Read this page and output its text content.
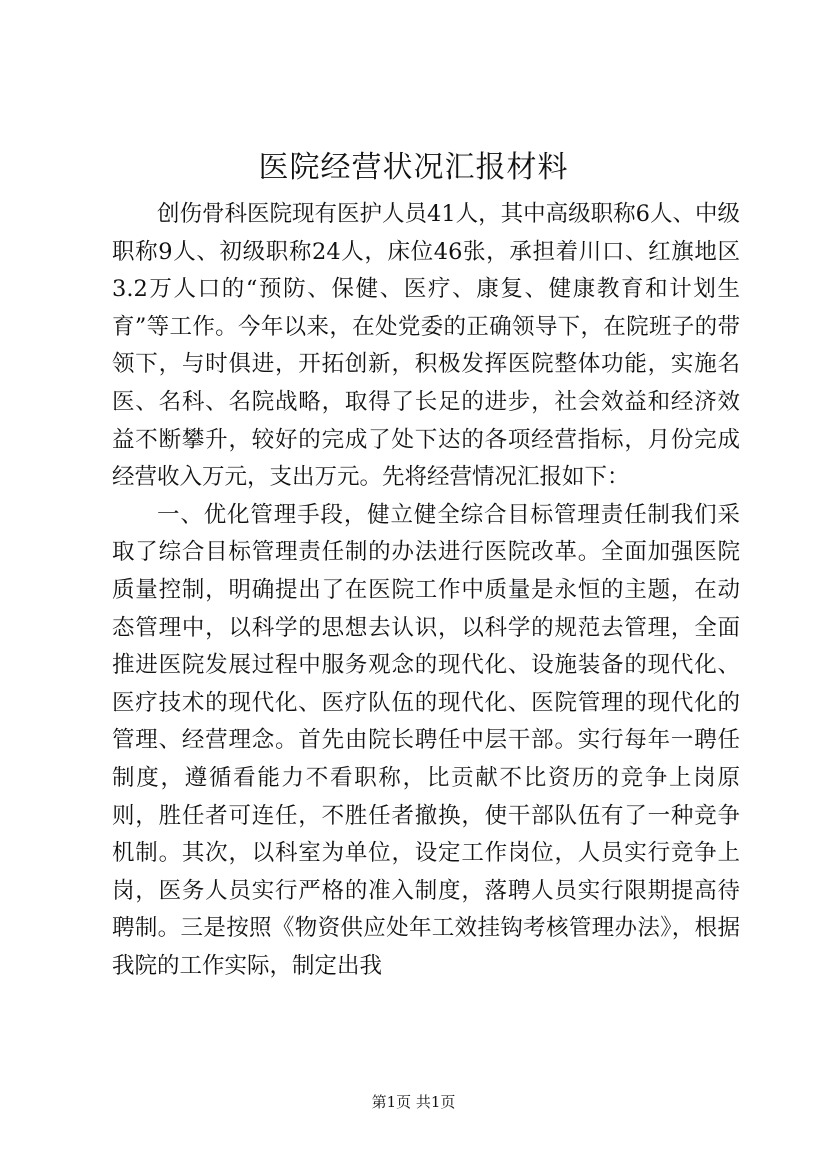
医院经营状况汇报材料

创伤骨科医院现有医护人员41人，其中高级职称6人、中级职称9人、初级职称24人，床位46张，承担着川口、红旗地区3.2万人口的“预防、保健、医疗、康复、健康教育和计划生育”等工作。今年以来，在处党委的正确领导下，在院班子的带领下，与时俱进，开拓创新，积极发挥医院整体功能，实施名医、名科、名院战略，取得了长足的进步，社会效益和经济效益不断攀升，较好的完成了处下达的各项经营指标，月份完成经营收入万元，支出万元。先将经营情况汇报如下：

一、优化管理手段，健立健全综合目标管理责任制我们采取了综合目标管理责任制的办法进行医院改革。全面加强医院质量控制，明确提出了在医院工作中质量是永恒的主题，在动态管理中，以科学的思想去认识，以科学的规范去管理，全面推进医院发展过程中服务观念的现代化、设施装备的现代化、医疗技术的现代化、医疗队伍的现代化、医院管理的现代化的管理、经营理念。首先由院长聘任中层干部。实行每年一聘任制度，遵循看能力不看职称，比贡献不比资历的竞争上岗原则，胜任者可连任，不胜任者撤换，使干部队伍有了一种竞争机制。其次，以科室为单位，设定工作岗位，人员实行竞争上岗，医务人员实行严格的准入制度，落聘人员实行限期提高待聘制。三是按照《物资供应处年工效挂钩考核管理办法》，根据我院的工作实际，制定出我

第1页 共1页
